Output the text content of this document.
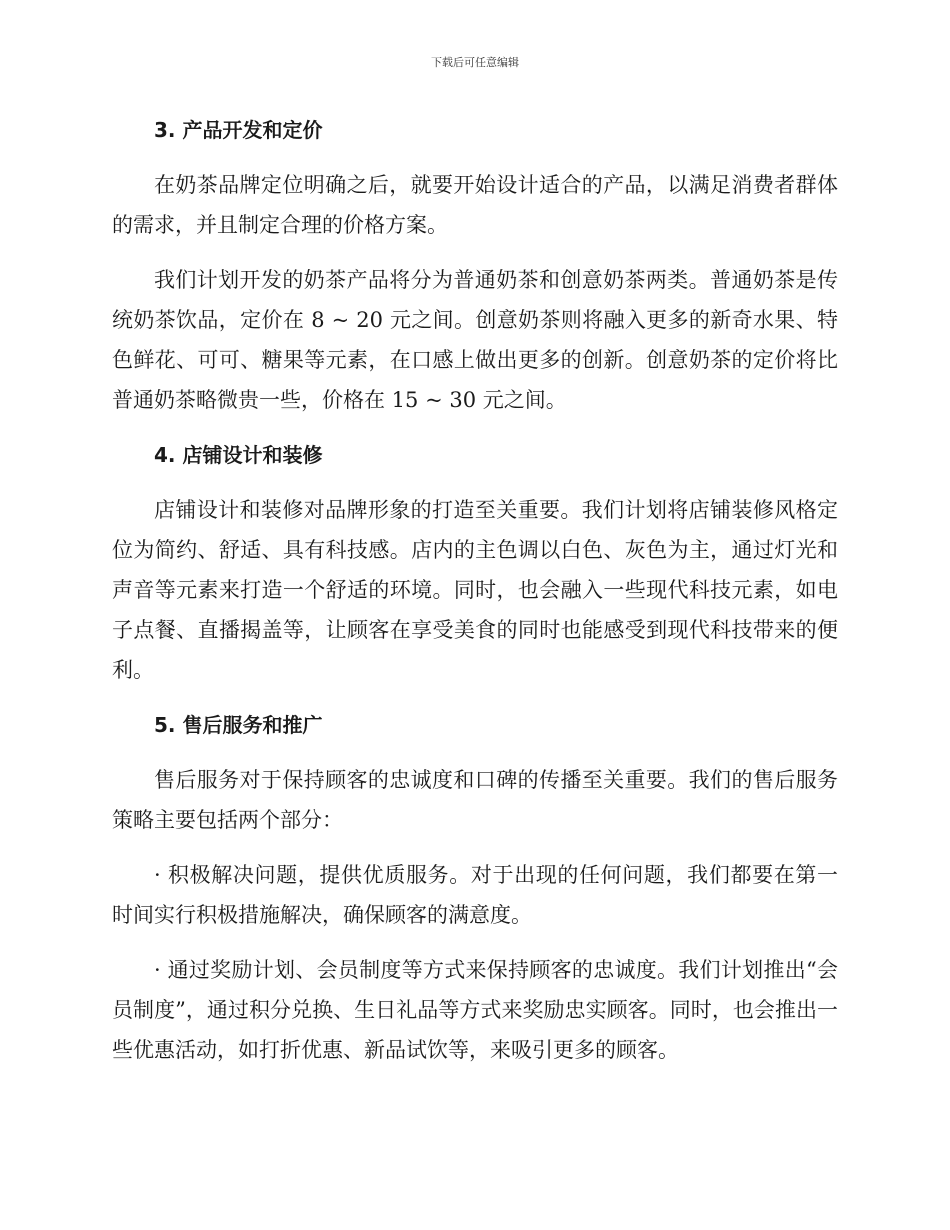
下载后可任意编辑
3. 产品开发和定价

在奶茶品牌定位明确之后，就要开始设计适合的产品，以满足消费者群体的需求，并且制定合理的价格方案。

我们计划开发的奶茶产品将分为普通奶茶和创意奶茶两类。普通奶茶是传统奶茶饮品，定价在 8 ~ 20 元之间。创意奶茶则将融入更多的新奇水果、特色鲜花、可可、糖果等元素，在口感上做出更多的创新。创意奶茶的定价将比普通奶茶略微贵一些，价格在 15 ~ 30 元之间。

4. 店铺设计和装修

店铺设计和装修对品牌形象的打造至关重要。我们计划将店铺装修风格定位为简约、舒适、具有科技感。店内的主色调以白色、灰色为主，通过灯光和声音等元素来打造一个舒适的环境。同时，也会融入一些现代科技元素，如电子点餐、直播揭盖等，让顾客在享受美食的同时也能感受到现代科技带来的便利。

5. 售后服务和推广

售后服务对于保持顾客的忠诚度和口碑的传播至关重要。我们的售后服务策略主要包括两个部分：

· 积极解决问题，提供优质服务。对于出现的任何问题，我们都要在第一时间实行积极措施解决，确保顾客的满意度。

· 通过奖励计划、会员制度等方式来保持顾客的忠诚度。我们计划推出“会员制度”，通过积分兑换、生日礼品等方式来奖励忠实顾客。同时，也会推出一些优惠活动，如打折优惠、新品试饮等，来吸引更多的顾客。
